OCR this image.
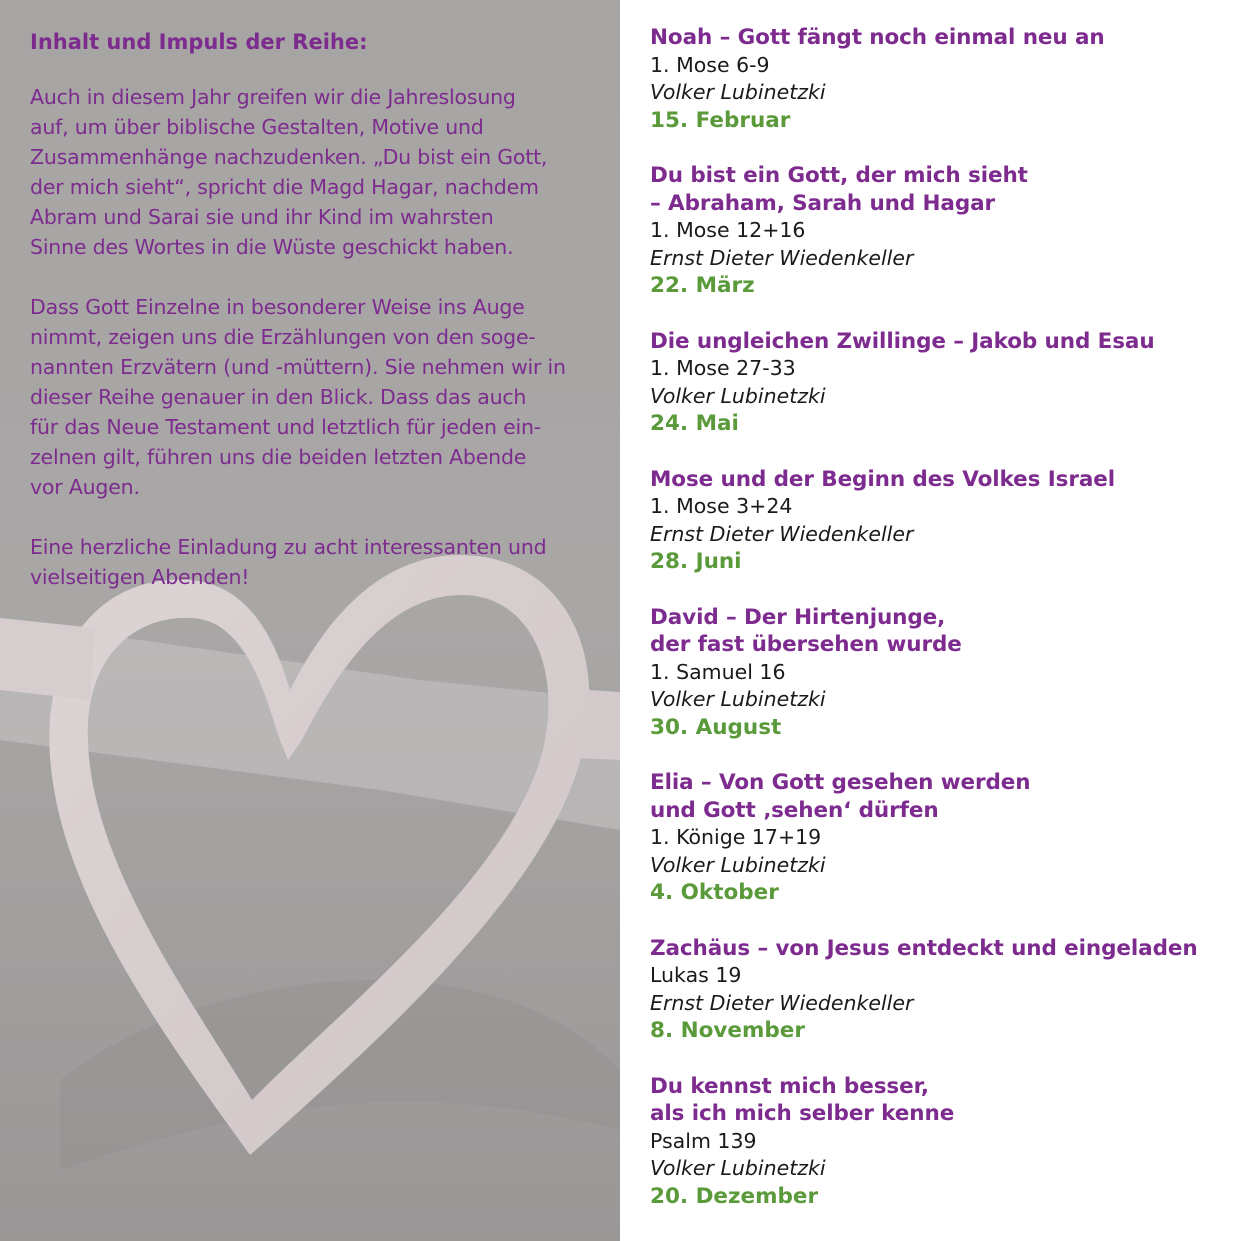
Inhalt und Impuls der Reihe:

Auch in diesem Jahr greifen wir die Jahreslosung
auf, um über biblische Gestalten, Motive und
Zusammenhänge nachzudenken. „Du bist ein Gott,
der mich sieht“, spricht die Magd Hagar, nachdem
Abram und Sarai sie und ihr Kind im wahrsten
Sinne des Wortes in die Wüste geschickt haben.

Dass Gott Einzelne in besonderer Weise ins Auge
nimmt, zeigen uns die Erzählungen von den soge-
nannten Erzvätern (und -müttern). Sie nehmen wir in
dieser Reihe genauer in den Blick. Dass das auch
für das Neue Testament und letztlich für jeden ein-
zelnen gilt, führen uns die beiden letzten Abende
vor Augen.

Eine herzliche Einladung zu acht interessanten und
vielseitigen Abenden!

Noah – Gott fängt noch einmal neu an
1. Mose 6-9
Volker Lubinetzki
15. Februar
Du bist ein Gott, der mich sieht
– Abraham, Sarah und Hagar
1. Mose 12+16
Ernst Dieter Wiedenkeller
22. März
Die ungleichen Zwillinge – Jakob und Esau
1. Mose 27-33
Volker Lubinetzki
24. Mai
Mose und der Beginn des Volkes Israel
1. Mose 3+24
Ernst Dieter Wiedenkeller
28. Juni
David – Der Hirtenjunge,
der fast übersehen wurde
1. Samuel 16
Volker Lubinetzki
30. August
Elia – Von Gott gesehen werden
und Gott ‚sehen‘ dürfen
1. Könige 17+19
Volker Lubinetzki
4. Oktober
Zachäus – von Jesus entdeckt und eingeladen
Lukas 19
Ernst Dieter Wiedenkeller
8. November
Du kennst mich besser,
als ich mich selber kenne
Psalm 139
Volker Lubinetzki
20. Dezember
